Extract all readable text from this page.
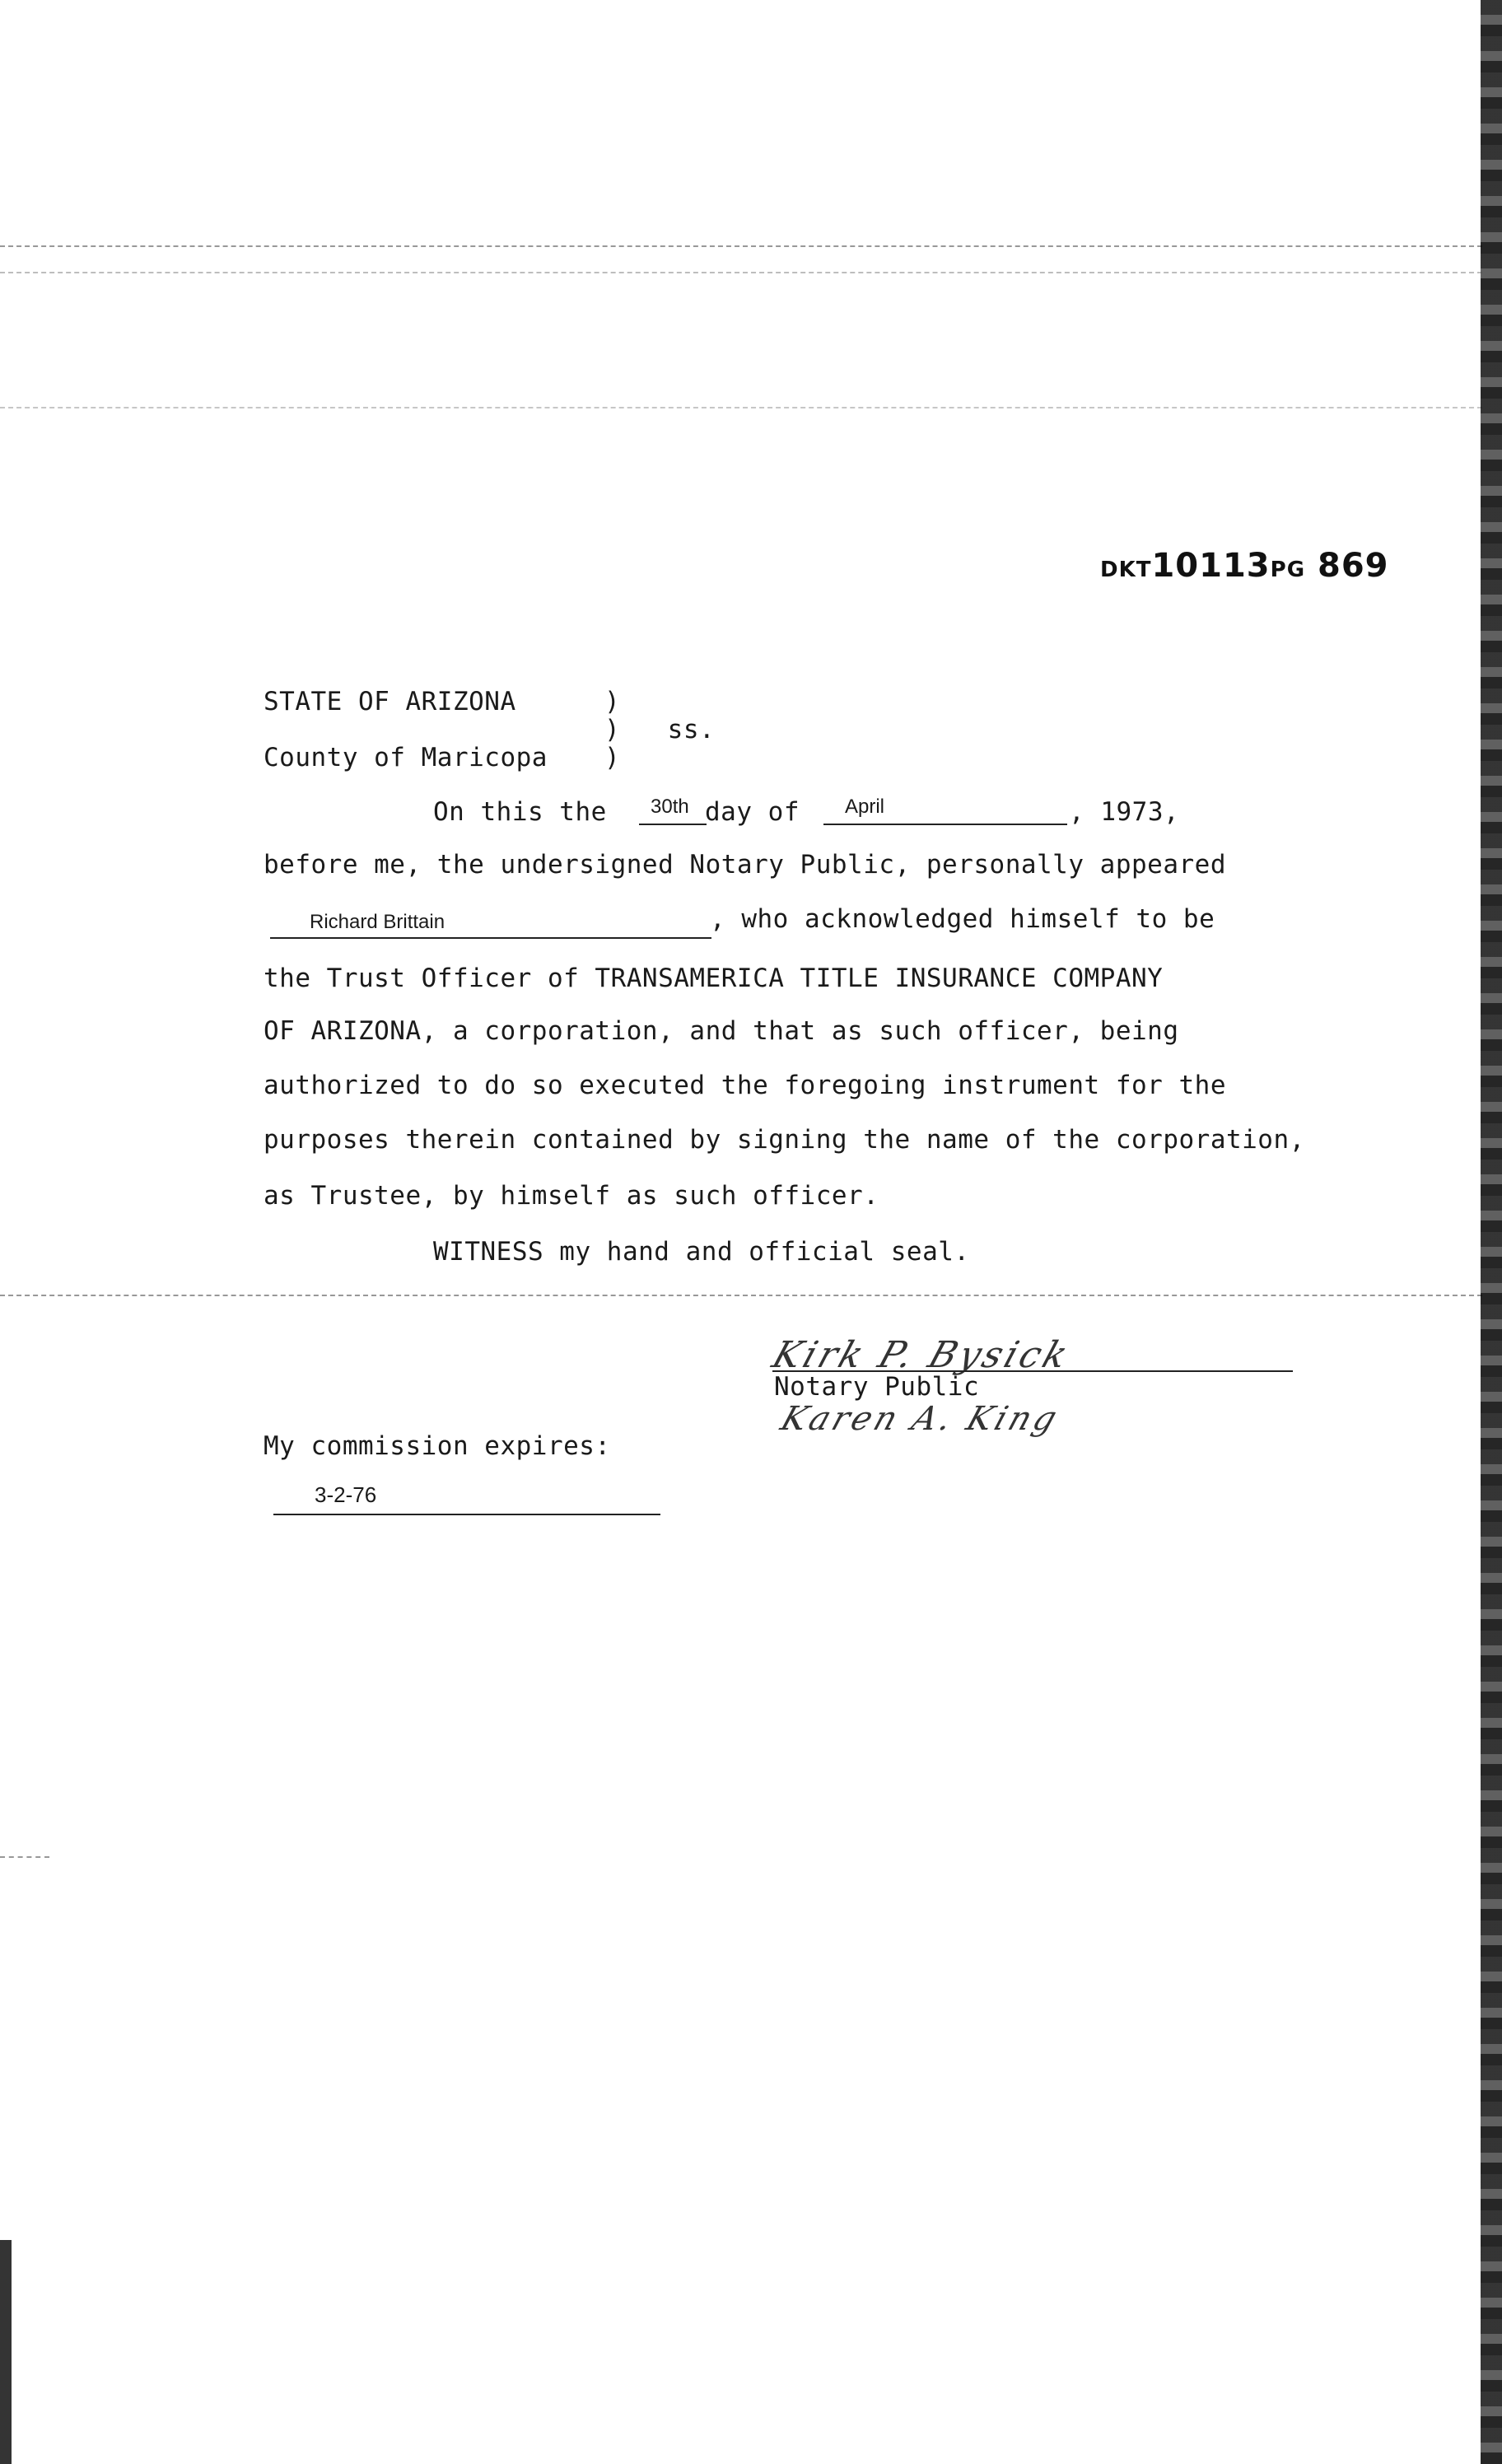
DKT10113PG 869
STATE OF ARIZONA	)
)   ss.
County of Maricopa )
On this the 30th day of April	, 1973,
before me, the undersigned Notary Public, personally appeared
Richard Brittain	, who acknowledged himself to be
the Trust Officer of TRANSAMERICA TITLE INSURANCE COMPANY
OF ARIZONA, a corporation, and that as such officer, being
authorized to do so executed the foregoing instrument for the
purposes therein contained by signing the name of the corporation,
as Trustee, by himself as such officer.
WITNESS my hand and official seal.
Kirk P. Bysick
Notary Public
Karen A. King
My commission expires:
3-2-76
